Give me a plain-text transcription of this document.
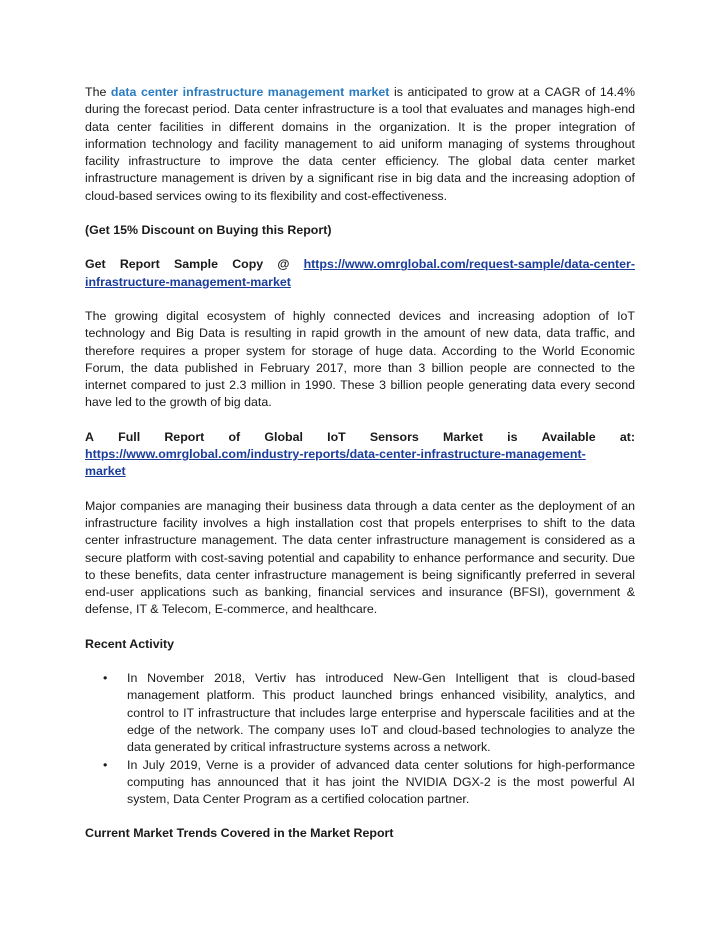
The data center infrastructure management market is anticipated to grow at a CAGR of 14.4% during the forecast period. Data center infrastructure is a tool that evaluates and manages high-end data center facilities in different domains in the organization. It is the proper integration of information technology and facility management to aid uniform managing of systems throughout facility infrastructure to improve the data center efficiency. The global data center market infrastructure management is driven by a significant rise in big data and the increasing adoption of cloud-based services owing to its flexibility and cost-effectiveness.

(Get 15% Discount on Buying this Report)

Get Report Sample Copy @ https://www.omrglobal.com/request-sample/data-center-

infrastructure-management-market

The growing digital ecosystem of highly connected devices and increasing adoption of IoT technology and Big Data is resulting in rapid growth in the amount of new data, data traffic, and therefore requires a proper system for storage of huge data. According to the World Economic Forum, the data published in February 2017, more than 3 billion people are connected to the internet compared to just 2.3 million in 1990. These 3 billion people generating data every second have led to the growth of big data.

A Full Report of Global IoT Sensors Market is Available at:

https://www.omrglobal.com/industry-reports/data-center-infrastructure-management-

market

Major companies are managing their business data through a data center as the deployment of an infrastructure facility involves a high installation cost that propels enterprises to shift to the data center infrastructure management. The data center infrastructure management is considered as a secure platform with cost-saving potential and capability to enhance performance and security. Due to these benefits, data center infrastructure management is being significantly preferred in several end-user applications such as banking, financial services and insurance (BFSI), government & defense, IT & Telecom, E-commerce, and healthcare.

Recent Activity

• In November 2018, Vertiv has introduced New-Gen Intelligent that is cloud-based management platform. This product launched brings enhanced visibility, analytics, and control to IT infrastructure that includes large enterprise and hyperscale facilities and at the edge of the network. The company uses IoT and cloud-based technologies to analyze the data generated by critical infrastructure systems across a network.
• In July 2019, Verne is a provider of advanced data center solutions for high-performance computing has announced that it has joint the NVIDIA DGX-2 is the most powerful AI system, Data Center Program as a certified colocation partner.

Current Market Trends Covered in the Market Report
